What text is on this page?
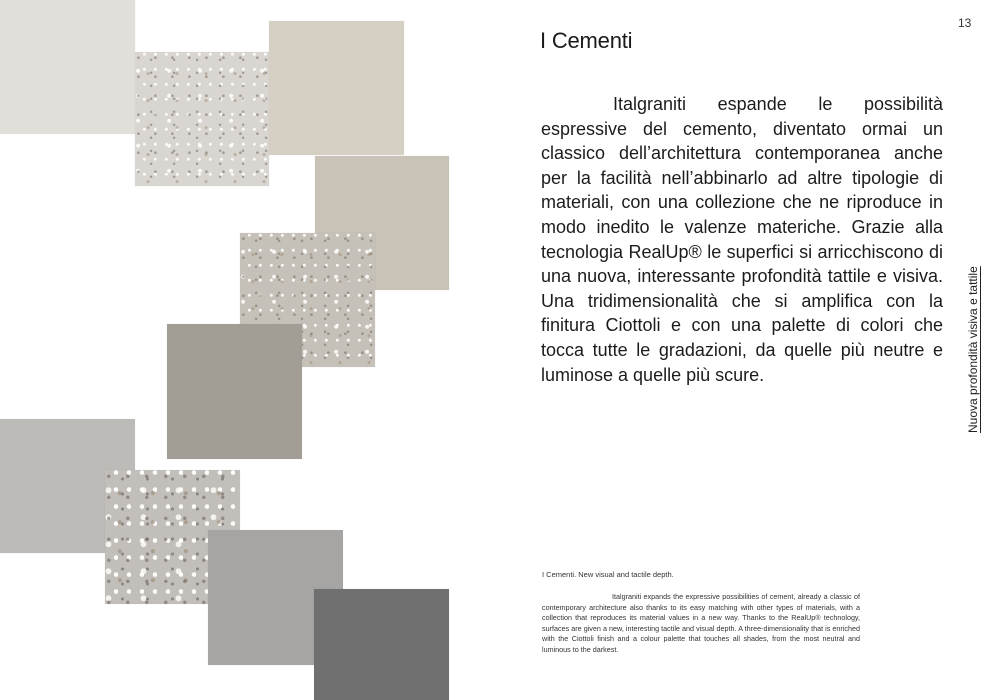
13
I Cementi

Italgraniti espande le possibilità espressive del cemento, diventato ormai un classico dell’architettura contemporanea anche per la facilità nell’abbinarlo ad altre tipologie di materiali, con una collezione che ne riproduce in modo inedito le valenze materiche. Grazie alla tecnologia RealUp® le superfici si arricchiscono di una nuova, interessante profondità tattile e visiva. Una tridimensionalità che si amplifica con la finitura Ciottoli e con una palette di colori che tocca tutte le gradazioni, da quelle più neutre e luminose a quelle più scure.	Nuova profondità visiva e tattile
I Cementi. New visual and tactile depth.

Italgraniti expands the expressive possibilities of cement, already a classic of contemporary architecture also thanks to its easy matching with other types of materials, with a collection that reproduces its material values in a new way. Thanks to the RealUp® technology, surfaces are given a new, interesting tactile and visual depth. A three-dimensionality that is enriched with the Ciottoli finish and a colour palette that touches all shades, from the most neutral and luminous to the darkest.
